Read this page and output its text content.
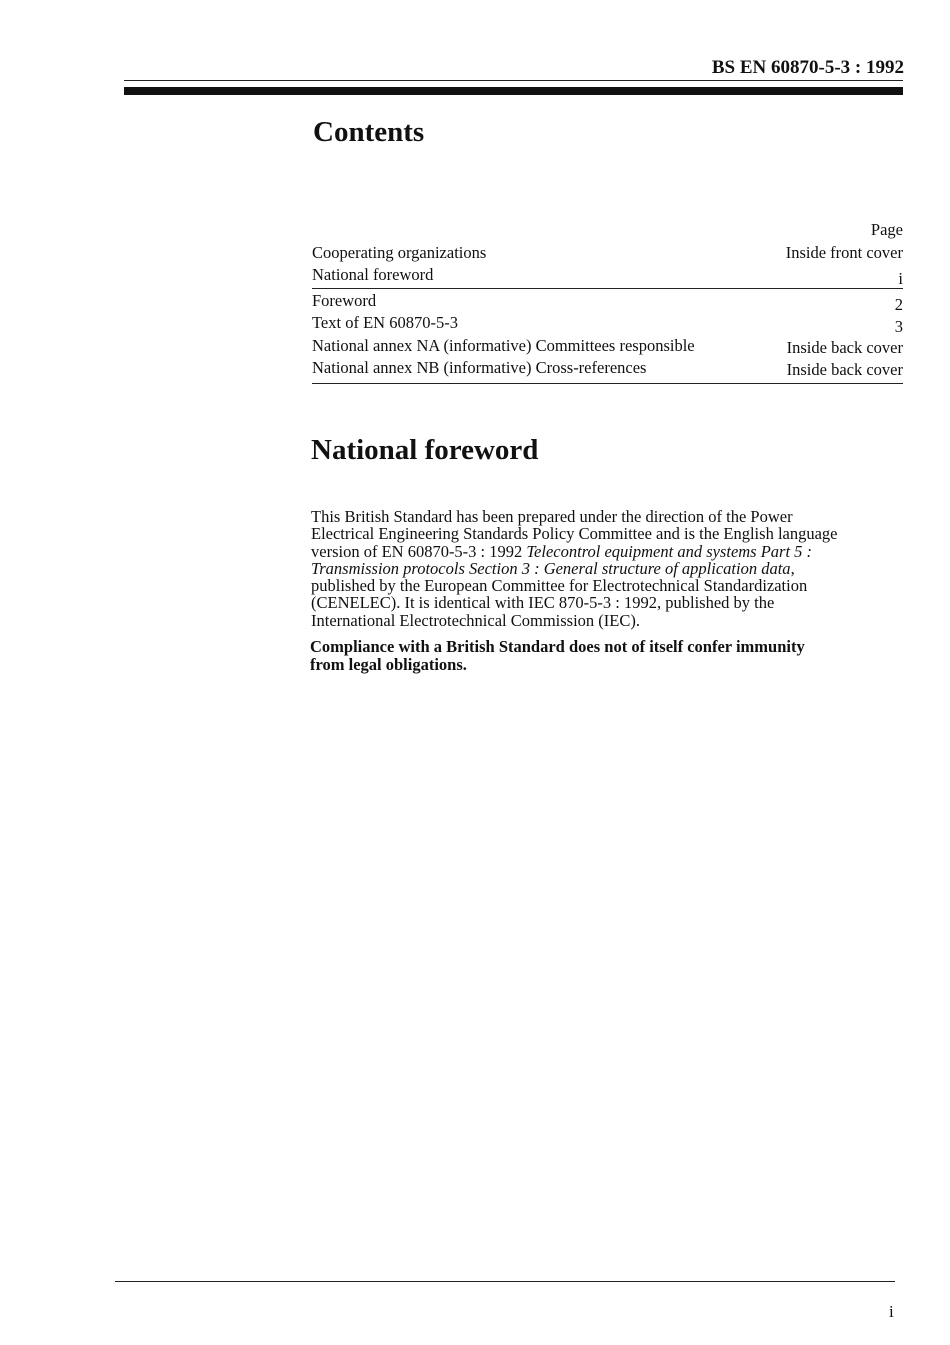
BS EN 60870-5-3 : 1992
Contents
Page
Cooperating organizations	Inside front cover
National foreword	i
Foreword	2
Text of EN 60870-5-3	3
National annex NA (informative) Committees responsible	Inside back cover
National annex NB (informative) Cross-references	Inside back cover
National foreword
This British Standard has been prepared under the direction of the Power
Electrical Engineering Standards Policy Committee and is the English language
version of EN 60870-5-3 : 1992 Telecontrol equipment and systems Part 5 :
Transmission protocols Section 3 : General structure of application data,
published by the European Committee for Electrotechnical Standardization
(CENELEC). It is identical with IEC 870-5-3 : 1992, published by the
International Electrotechnical Commission (IEC).
Compliance with a British Standard does not of itself confer immunity
from legal obligations.
i
